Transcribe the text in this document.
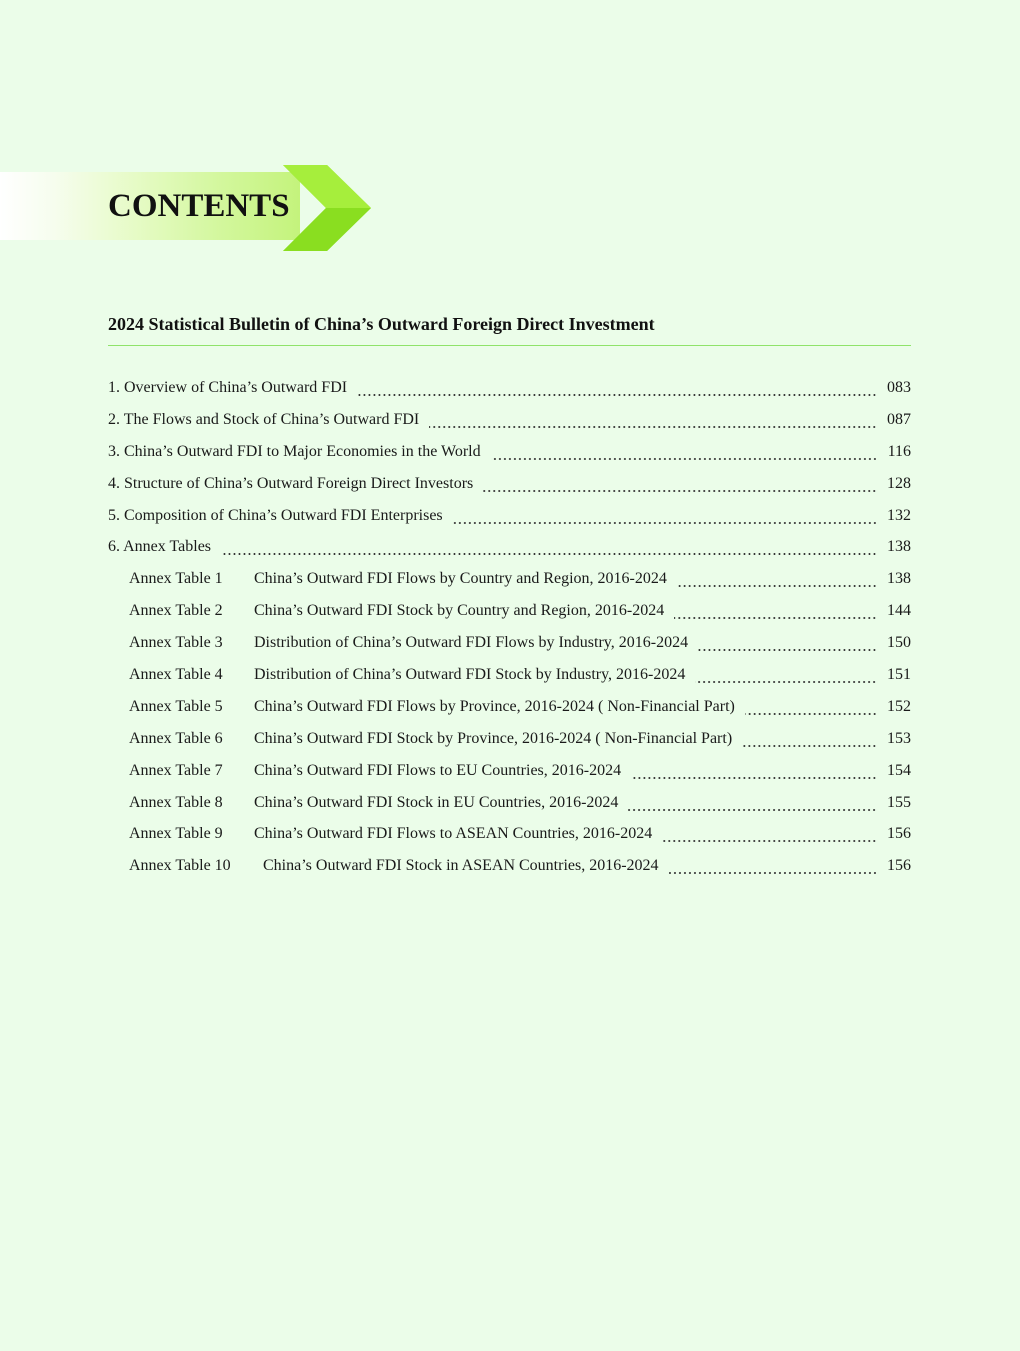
CONTENTS
2024 Statistical Bulletin of China’s Outward Foreign Direct Investment
1. Overview of China’s Outward FDI	083
2. The Flows and Stock of China’s Outward FDI	087
3. China’s Outward FDI to Major Economies in the World	116
4. Structure of China’s Outward Foreign Direct Investors	128
5. Composition of China’s Outward FDI Enterprises	132
6. Annex Tables	138
Annex Table 1 China’s Outward FDI Flows by Country and Region, 2016-2024	138
Annex Table 2 China’s Outward FDI Stock by Country and Region, 2016-2024	144
Annex Table 3 Distribution of China’s Outward FDI Flows by Industry, 2016-2024	150
Annex Table 4 Distribution of China’s Outward FDI Stock by Industry, 2016-2024	151
Annex Table 5 China’s Outward FDI Flows by Province, 2016-2024 ( Non-Financial Part)	152
Annex Table 6 China’s Outward FDI Stock by Province, 2016-2024 ( Non-Financial Part)	153
Annex Table 7 China’s Outward FDI Flows to EU Countries, 2016-2024	154
Annex Table 8 China’s Outward FDI Stock in EU Countries, 2016-2024	155
Annex Table 9 China’s Outward FDI Flows to ASEAN Countries, 2016-2024	156
Annex Table 10 China’s Outward FDI Stock in ASEAN Countries, 2016-2024	156
